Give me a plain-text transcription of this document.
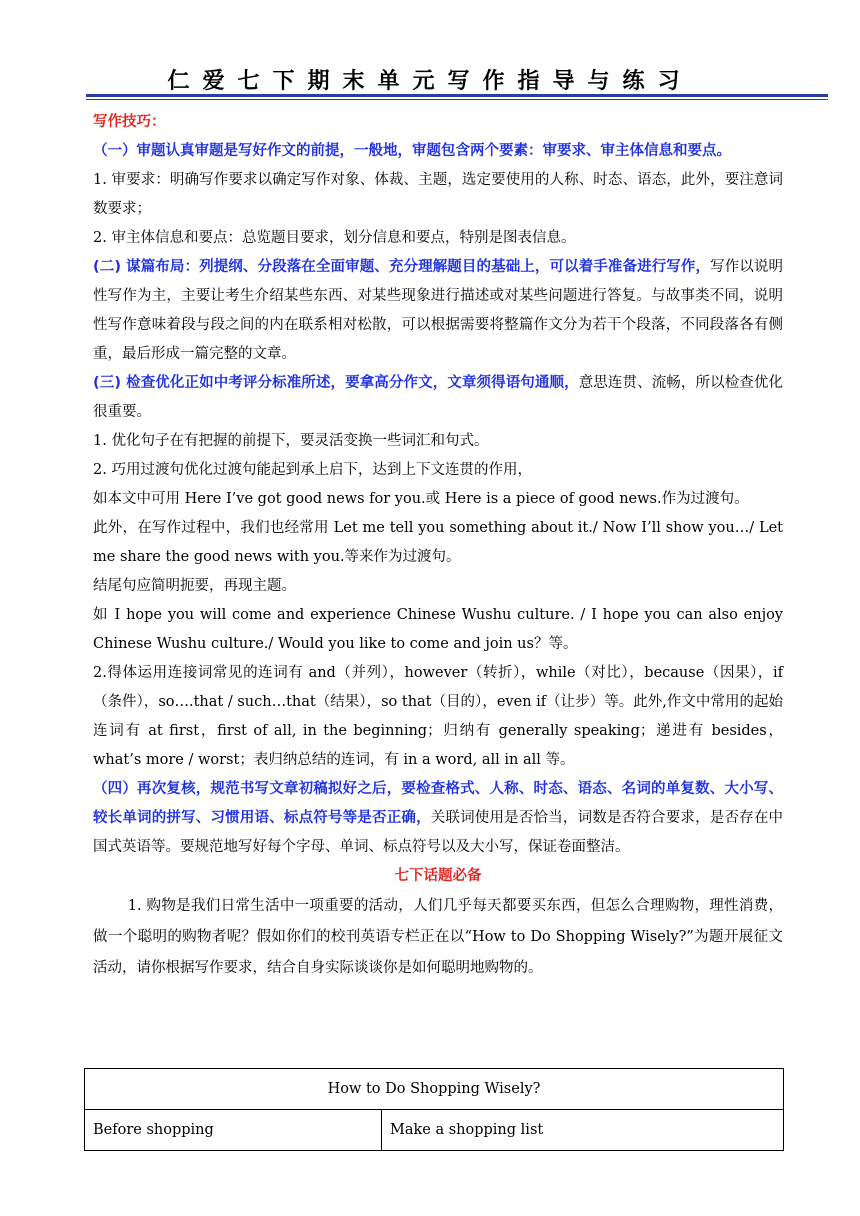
仁爱七下期末单元写作指导与练习

写作技巧：

（一）审题认真审题是写好作文的前提，一般地，审题包含两个要素：审要求、审主体信息和要点。

1. 审要求：明确写作要求以确定写作对象、体裁、主题，选定要使用的人称、时态、语态，此外，要注意词数要求；

2. 审主体信息和要点：总览题目要求，划分信息和要点，特别是图表信息。

(二) 谋篇布局：列提纲、分段落在全面审题、充分理解题目的基础上，可以着手准备进行写作，写作以说明性写作为主，主要让考生介绍某些东西、对某些现象进行描述或对某些问题进行答复。与故事类不同，说明性写作意味着段与段之间的内在联系相对松散，可以根据需要将整篇作文分为若干个段落，不同段落各有侧重，最后形成一篇完整的文章。

(三) 检查优化正如中考评分标准所述，要拿高分作文，文章须得语句通顺，意思连贯、流畅，所以检查优化很重要。

1. 优化句子在有把握的前提下，要灵活变换一些词汇和句式。

2. 巧用过渡句优化过渡句能起到承上启下，达到上下文连贯的作用，

如本文中可用 Here I’ve got good news for you.或 Here is a piece of good news.作为过渡句。

此外，在写作过程中，我们也经常用 Let me tell you something about it./ Now I’ll show you…/ Let me share the good news with you.等来作为过渡句。

结尾句应简明扼要，再现主题。

如 I hope you will come and experience Chinese Wushu culture. / I hope you can also enjoy Chinese Wushu culture./ Would you like to come and join us？等。

2.得体运用连接词常见的连词有 and（并列），however（转折），while（对比），because（因果），if（条件），so….that / such…that（结果），so that（目的），even if（让步）等。此外,作文中常用的起始连词有 at first，first of all, in the beginning；归纳有 generally speaking；递进有 besides，what’s more / worst；表归纳总结的连词，有 in a word, all in all 等。

（四）再次复核，规范书写文章初稿拟好之后，要检查格式、人称、时态、语态、名词的单复数、大小写、较长单词的拼写、习惯用语、标点符号等是否正确，关联词使用是否恰当，词数是否符合要求，是否存在中国式英语等。要规范地写好每个字母、单词、标点符号以及大小写，保证卷面整洁。

七下话题必备

1. 购物是我们日常生活中一项重要的活动，人们几乎每天都要买东西，但怎么合理购物，理性消费，做一个聪明的购物者呢？假如你们的校刊英语专栏正在以“How to Do Shopping Wisely?”为题开展征文活动，请你根据写作要求，结合自身实际谈谈你是如何聪明地购物的。

How to Do Shopping Wisely?
Before shopping	Make a shopping list
